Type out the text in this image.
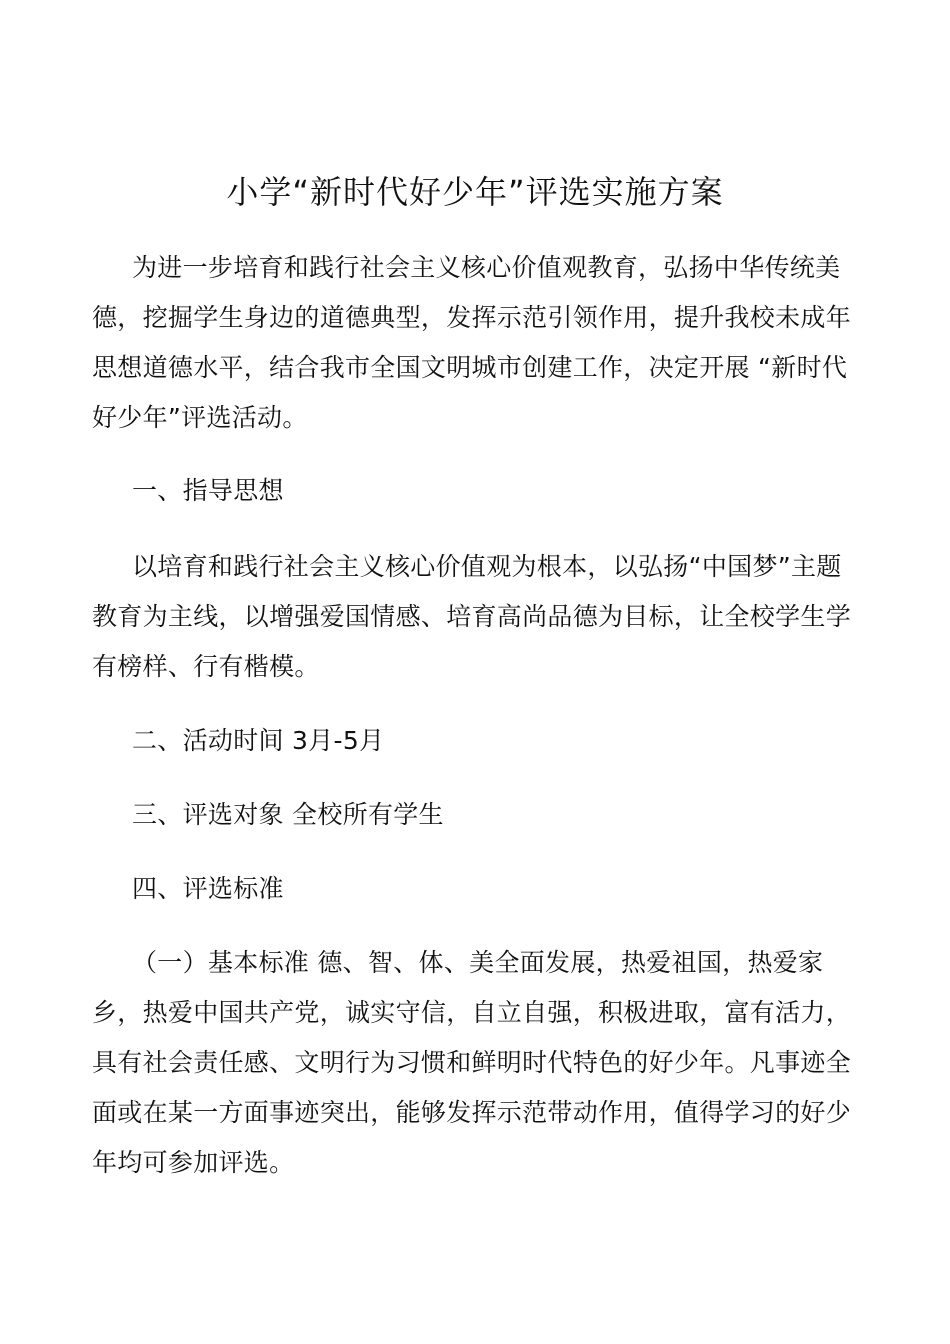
小学“新时代好少年”评选实施方案

为进一步培育和践行社会主义核心价值观教育，弘扬中华传统美德，挖掘学生身边的道德典型，发挥示范引领作用，提升我校未成年思想道德水平，结合我市全国文明城市创建工作，决定开展 “新时代好少年”评选活动。

一、指导思想

以培育和践行社会主义核心价值观为根本，以弘扬“中国梦”主题教育为主线，以增强爱国情感、培育高尚品德为目标，让全校学生学有榜样、行有楷模。

二、活动时间 3月-5月

三、评选对象 全校所有学生

四、评选标准

（一）基本标准 德、智、体、美全面发展，热爱祖国，热爱家乡，热爱中国共产党，诚实守信，自立自强，积极进取，富有活力，具有社会责任感、文明行为习惯和鲜明时代特色的好少年。凡事迹全面或在某一方面事迹突出，能够发挥示范带动作用，值得学习的好少年均可参加评选。
